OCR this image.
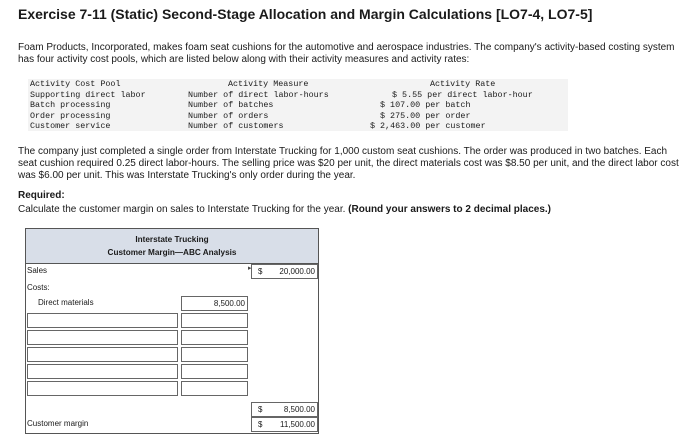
Exercise 7-11 (Static) Second-Stage Allocation and Margin Calculations [LO7-4, LO7-5]
Foam Products, Incorporated, makes foam seat cushions for the automotive and aerospace industries. The company's activity-based costing system has four activity cost pools, which are listed below along with their activity measures and activity rates:
Activity Cost Pool	Activity Measure	Activity Rate
Supporting direct labor	Number of direct labor-hours	$ 5.55 per direct labor-hour
Batch processing	Number of batches	$ 107.00 per batch
Order processing	Number of orders	$ 275.00 per order
Customer service	Number of customers	$ 2,463.00 per customer
The company just completed a single order from Interstate Trucking for 1,000 custom seat cushions. The order was produced in two batches. Each seat cushion required 0.25 direct labor-hours. The selling price was $20 per unit, the direct materials cost was $8.50 per unit, and the direct labor cost was $6.00 per unit. This was Interstate Trucking's only order during the year.
Required:
Calculate the customer margin on sales to Interstate Trucking for the year. (Round your answers to 2 decimal places.)
Interstate Trucking
Customer Margin—ABC Analysis
Sales	▸ $ 20,000.00
Costs:
Direct materials	8,500.00
$	8,500.00
Customer margin	$ 11,500.00
